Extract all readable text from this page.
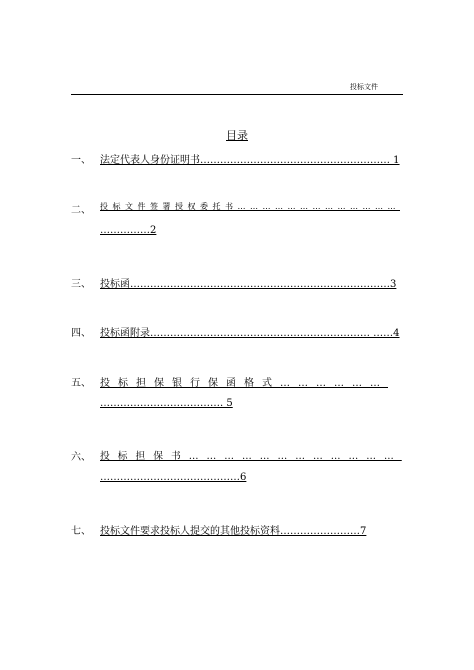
投标文件
目录
一、 法定代表人身份证明书………………………………………………… 1
二、 投标文件签署授权委托书…………………………………
……………2
三、 投标函……………………………………………………………………3
四、 投标函附录………………………………………………………… ……4
五、 投标担保银行保函格式………………
………………………………. 5
六、 投标担保书………………………………
……………………………………6
七、 投标文件要求投标人提交的其他投标资料……………………7
